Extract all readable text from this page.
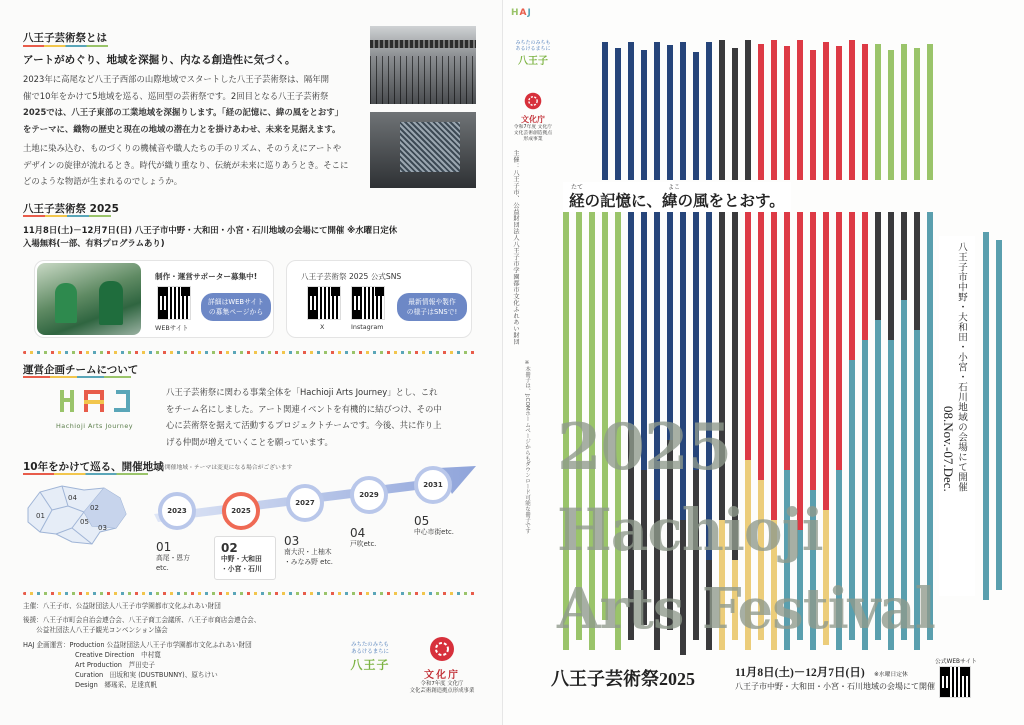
八王子芸術祭とは
アートがめぐり、地域を深掘り、内なる創造性に気づく。
2023年に高尾など八王子西部の山際地域でスタートした八王子芸術祭は、隔年開
催で10年をかけて5地域を巡る、巡回型の芸術祭です。2回目となる八王子芸術祭
2025では、八王子東部の工業地域を深掘りします。「経の記憶に、緯の風をとおす」
をテーマに、織物の歴史と現在の地域の潜在力とを掛けあわせ、未来を見据えます。
土地に染み込む、ものづくりの機械音や職人たちの手のリズム、そのうえにアートや
デザインの旋律が流れるとき。時代が織り重なり、伝統が未来に巡りあうとき。そこに
どのような物語が生まれるのでしょうか。
八王子芸術祭 2025
11月8日(土)－12月7日(日) 八王子市中野・大和田・小宮・石川地域の会場にて開催 ※水曜日定休
入場無料(一部、有料プログラムあり)
制作・運営サポーター募集中!
WEBサイト
詳細はWEBサイト
の募集ページから
八王子芸術祭 2025 公式SNS
X	Instagram
最新情報や製作
の様子はSNSで!
運営企画チームについて
Hachioji Arts Journey
八王子芸術祭に関わる事業全体を「Hachioji Arts Journey」とし、これ
をチーム名にしました。アート関連イベントを有機的に結びつけ、その中
心に芸術祭を据えて活動するプロジェクトチームです。今後、共に作り上
げる仲間が増えていくことを願っています。
10年をかけて巡る、開催地域
※開催地域・テーマは変更になる場合がございます
01
04
02
05
03
2023	2025
2027
2029
2031
01
高尾・恩方
etc.
02
中野・大和田
・小宮・石川
03
南大沢・上柚木
・みなみ野 etc.
04
戸吹etc.
05
中心市街etc.
主催：八王子市、公益財団法人八王子市学園都市文化ふれあい財団
後援：八王子市町会自治会連合会、八王子商工会議所、八王子市商店会連合会、
　　公益社団法人八王子観光コンベンション協会
HAJ 企画運営：Production 公益財団法人八王子市学園都市文化ふれあい財団
Creative Direction　中村寛
Art Production　芦田史子
Curation　田坂和実 (DUSTBUNNY)、原ちけい
Design　郷瑤采、足達真帆
みちたのみちも
あるけるまちに
八王子
文化庁
令和7年度 文化庁
文化芸術創造拠点形成事業
HAJ
みちたのみちも
あるけるまちに
八王子
文化庁
令和7年度 文化庁
文化芸術創造拠点
形成事業
主催：八王子市、公益財団法人八王子市学園都市文化ふれあい財団
※本冊子は、J:COMホームページからもダウンロード可能な冊子です
たて	よこ
経の記憶に、緯の風をとおす。
八王子市中野・大和田・小宮・石川地域の会場にて開催
08.Nov.-07.Dec.
2025
Hachioji
Arts Festival
八王子芸術祭2025	11月8日(土)－12月7日(日) ※水曜日定休
八王子市中野・大和田・小宮・石川地域の会場にて開催
公式WEBサイト
